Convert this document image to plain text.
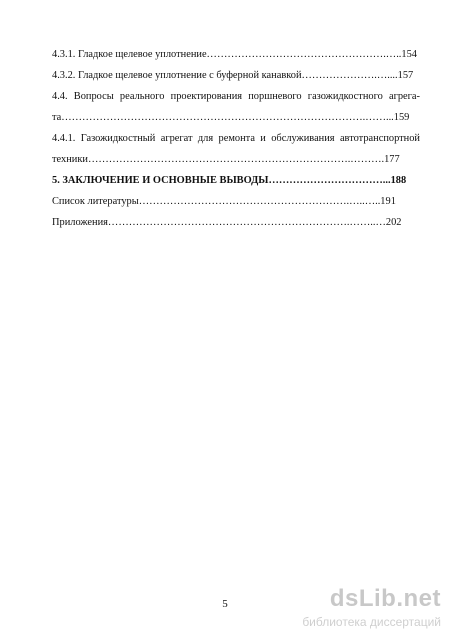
4.3.1. Гладкое щелевое уплотнение…………………………………………….…..154
4.3.2. Гладкое щелевое уплотнение с буферной канавкой………………….…....157
4.4. Вопросы реального проектирования поршневого газожидкостного агрега-
та…………………………………………………………………………….……...159
4.4.1. Газожидкостный агрегат для ремонта и обслуживания автотранспортной
техники………………………………………………………………….……….177
5. ЗАКЛЮЧЕНИЕ И ОСНОВНЫЕ ВЫВОДЫ……………………………...188
Список литературы…………………………………………………….…..…..191
Приложения…………………………………………………………….……..…202
5	dsLib.net
библиотека диссертаций
